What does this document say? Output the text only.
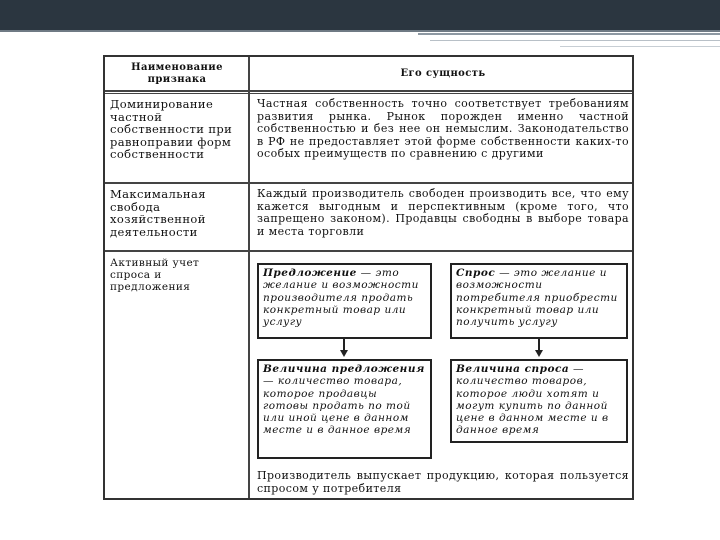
Наименование признака
Его сущность
Доминирование частной собственности при равноправии форм собственности
Частная собственность точно соответствует требованиям развития рынка. Рынок порожден именно частной собственностью и без нее он немыслим. Законодательство в РФ не предоставляет этой форме собственности каких-то особых преимуществ по сравнению с другими
Максимальная свобода хозяйственной деятельности
Каждый производитель свободен производить все, что ему кажется выгодным и перспективным (кроме того, что запрещено законом). Продавцы свободны в выборе товара и места торговли
Активный учет спроса и предложения
Предложение — это желание и возможности производителя продать конкретный товар или услугу
Спрос — это желание и возможности потребителя приобрести конкретный товар или получить услугу
Величина предложения — количество товара, которое продавцы готовы продать по той или иной цене в данном месте и в данное время
Величина спроса — количество товаров, которое люди хотят и могут купить по данной цене в данном месте и в данное время
Производитель выпускает продукцию, которая пользуется спросом у потребителя
